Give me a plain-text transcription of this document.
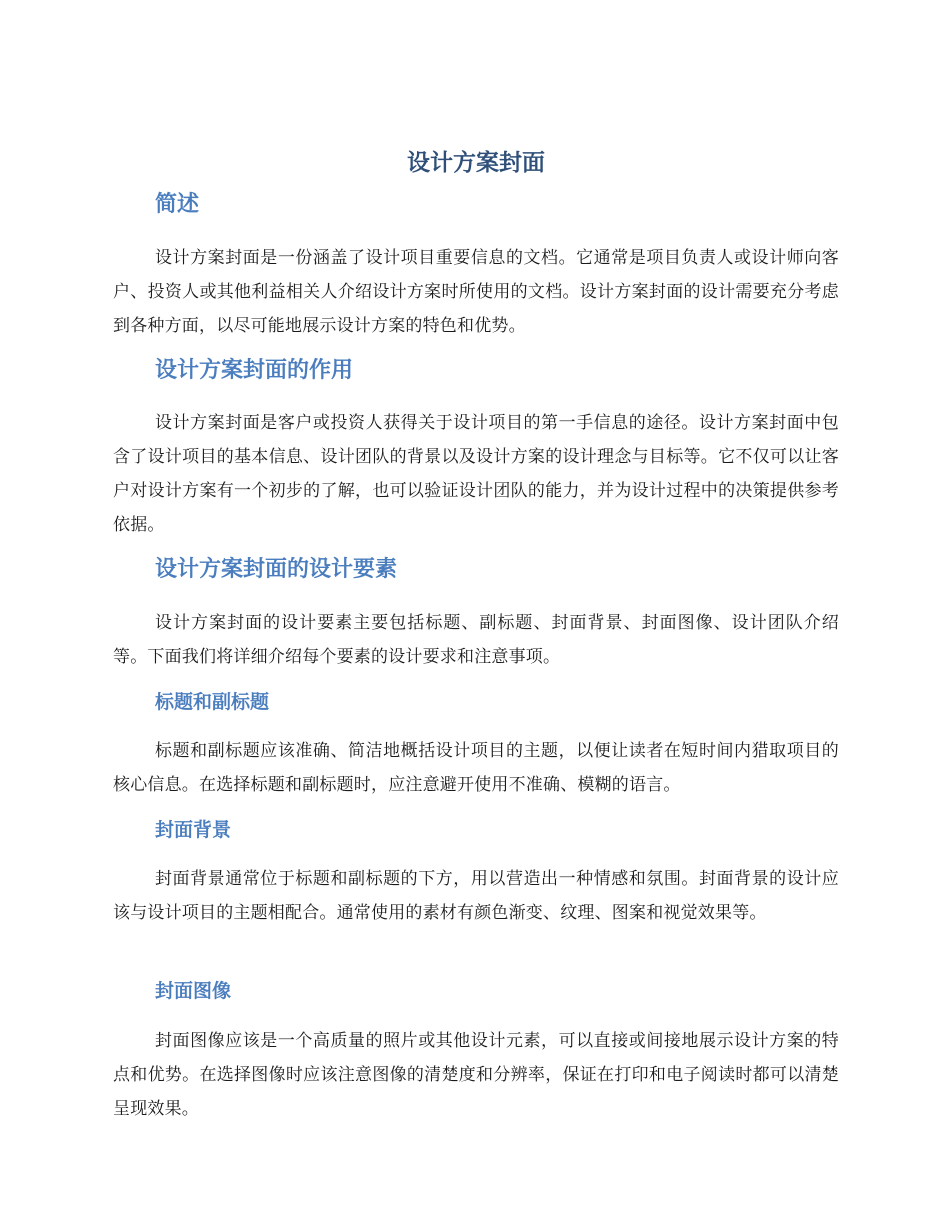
设计方案封面
简述

设计方案封面是一份涵盖了设计项目重要信息的文档。它通常是项目负责人或设计师向客户、投资人或其他利益相关人介绍设计方案时所使用的文档。设计方案封面的设计需要充分考虑到各种方面，以尽可能地展示设计方案的特色和优势。

设计方案封面的作用

设计方案封面是客户或投资人获得关于设计项目的第一手信息的途径。设计方案封面中包含了设计项目的基本信息、设计团队的背景以及设计方案的设计理念与目标等。它不仅可以让客户对设计方案有一个初步的了解，也可以验证设计团队的能力，并为设计过程中的决策提供参考依据。

设计方案封面的设计要素

设计方案封面的设计要素主要包括标题、副标题、封面背景、封面图像、设计团队介绍等。下面我们将详细介绍每个要素的设计要求和注意事项。

标题和副标题

标题和副标题应该准确、简洁地概括设计项目的主题，以便让读者在短时间内猎取项目的核心信息。在选择标题和副标题时，应注意避开使用不准确、模糊的语言。

封面背景

封面背景通常位于标题和副标题的下方，用以营造出一种情感和氛围。封面背景的设计应该与设计项目的主题相配合。通常使用的素材有颜色渐变、纹理、图案和视觉效果等。

封面图像

封面图像应该是一个高质量的照片或其他设计元素，可以直接或间接地展示设计方案的特点和优势。在选择图像时应该注意图像的清楚度和分辨率，保证在打印和电子阅读时都可以清楚呈现效果。
